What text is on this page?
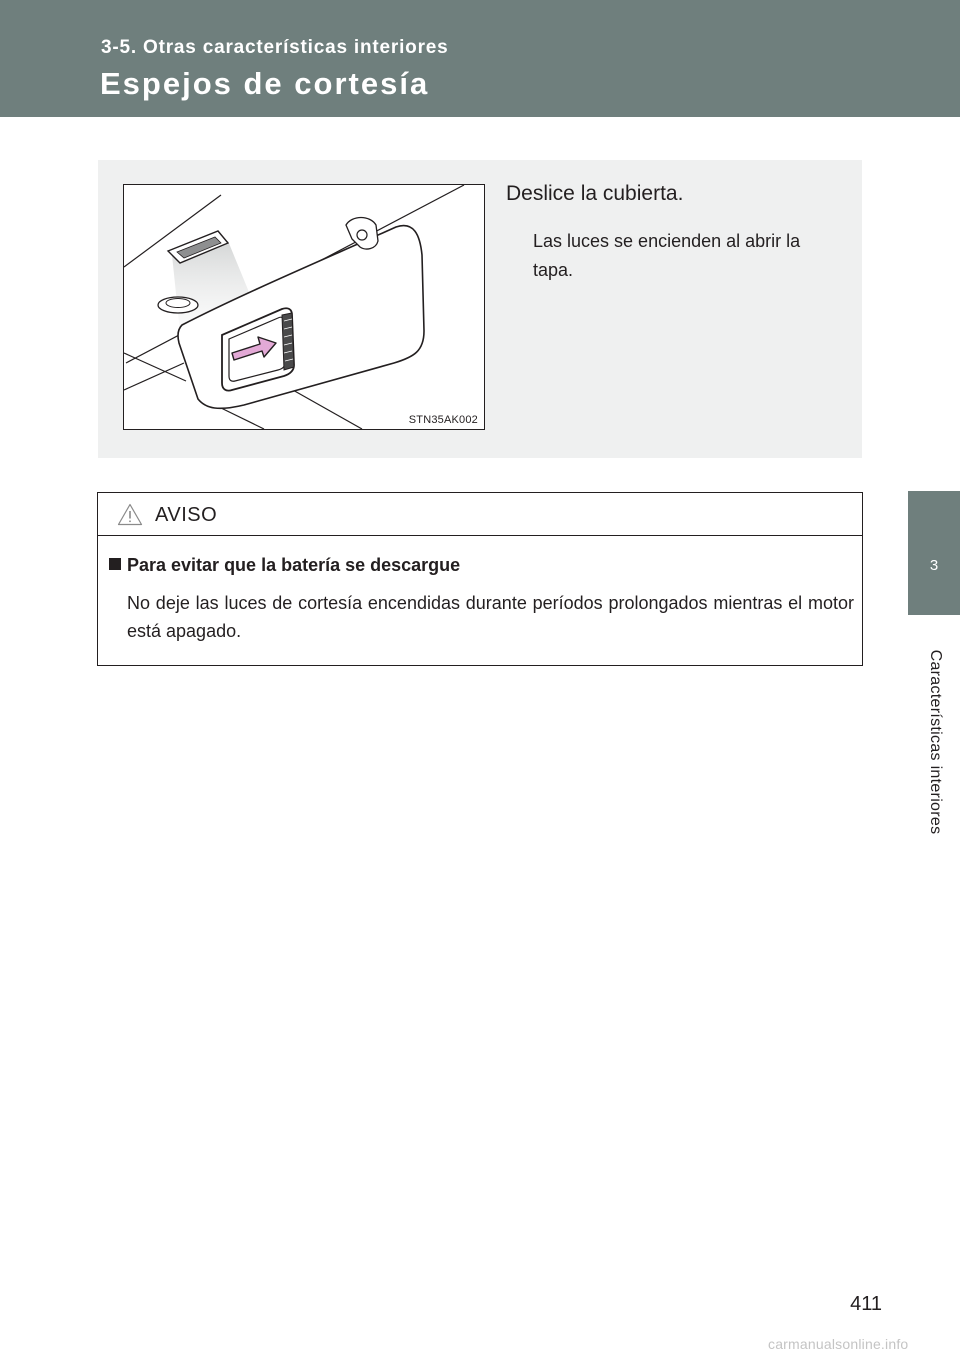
3-5. Otras características interiores
Espejos de cortesía
3
Características interiores
STN35AK002
Deslice la cubierta.
Las luces se encienden al abrir la tapa.
AVISO
Para evitar que la batería se descargue
No deje las luces de cortesía encendidas durante períodos prolongados mientras el motor está apagado.
411
carmanualsonline.info
